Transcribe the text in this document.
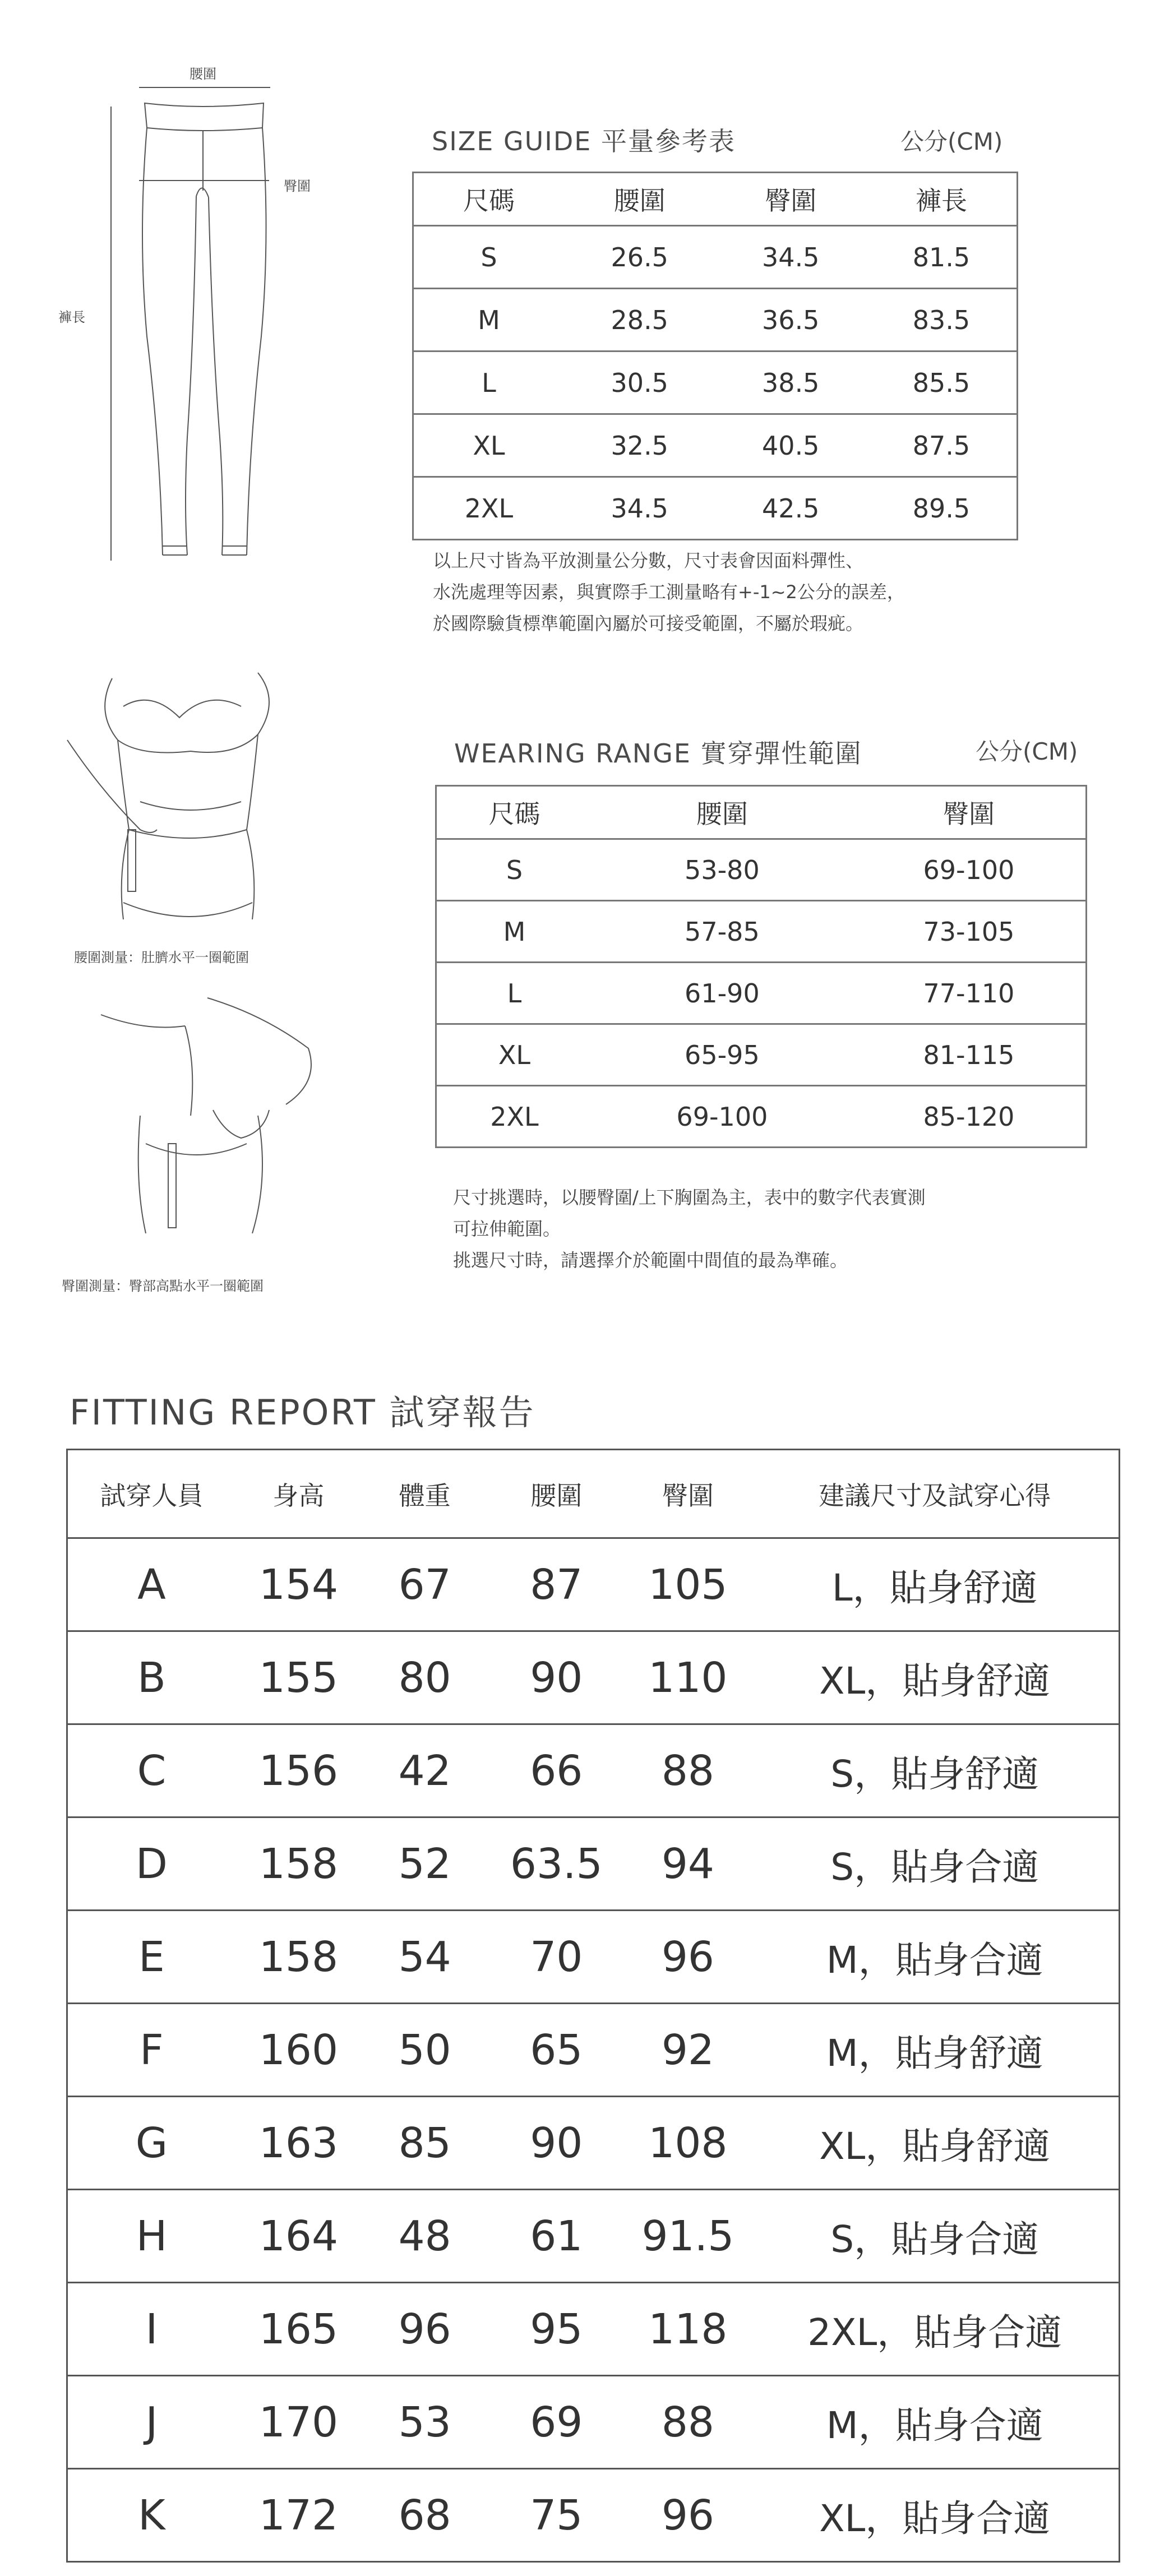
腰圍
臀圍
褲長
SIZE GUIDE 平量參考表	公分(CM)
尺碼	腰圍	臀圍	褲長
S	26.5	34.5	81.5
M	28.5	36.5	83.5
L	30.5	38.5	85.5
XL	32.5	40.5	87.5
2XL	34.5	42.5	89.5
以上尺寸皆為平放測量公分數，尺寸表會因面料彈性、
水洗處理等因素，與實際手工測量略有+-1~2公分的誤差，
於國際驗貨標準範圍內屬於可接受範圍，不屬於瑕疵。
腰圍測量：肚臍水平一圈範圍
臀圍測量：臀部高點水平一圈範圍
WEARING RANGE 實穿彈性範圍	公分(CM)
尺碼	腰圍	臀圍
S	53-80	69-100
M	57-85	73-105
L	61-90	77-110
XL	65-95	81-115
2XL	69-100	85-120
尺寸挑選時，以腰臀圍/上下胸圍為主，表中的數字代表實測
可拉伸範圍。
挑選尺寸時，請選擇介於範圍中間值的最為準確。
FITTING REPORT 試穿報告
試穿人員	身高	體重	腰圍	臀圍	建議尺寸及試穿心得
A	154	67	87	105	L，貼身舒適
B	155	80	90	110	XL，貼身舒適
C	156	42	66	88	S，貼身舒適
D	158	52	63.5	94	S，貼身合適
E	158	54	70	96	M，貼身合適
F	160	50	65	92	M，貼身舒適
G	163	85	90	108	XL，貼身舒適
H	164	48	61	91.5	S，貼身合適
I	165	96	95	118	2XL，貼身合適
J	170	53	69	88	M，貼身合適
K	172	68	75	96	XL，貼身合適
